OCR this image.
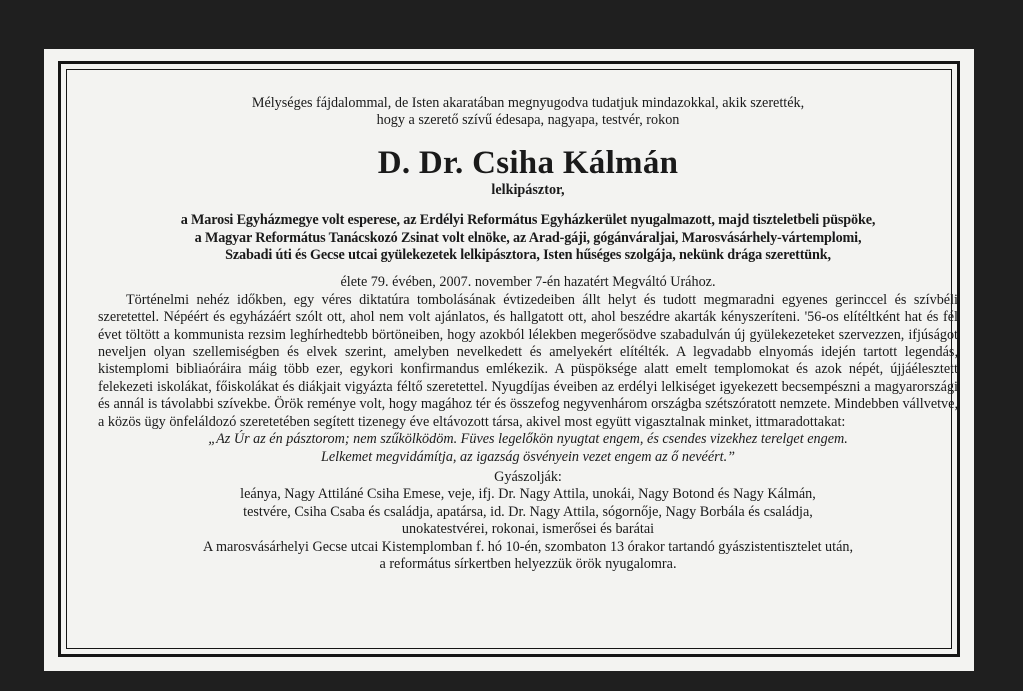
Mélységes fájdalommal, de Isten akaratában megnyugodva tudatjuk mindazokkal, akik szerették,

hogy a szerető szívű édesapa, nagyapa, testvér, rokon

D. Dr. Csiha Kálmán

lelkipásztor,

a Marosi Egyházmegye volt esperese, az Erdélyi Református Egyházkerület nyugalmazott, majd tiszteletbeli püspöke,

a Magyar Református Tanácskozó Zsinat volt elnöke, az Arad-gáji, gógánváraljai, Marosvásárhely-vártemplomi,

Szabadi úti és Gecse utcai gyülekezetek lelkipásztora, Isten hűséges szolgája, nekünk drága szerettünk,

élete 79. évében, 2007. november 7-én hazatért Megváltó Urához.

Történelmi nehéz időkben, egy véres diktatúra tombolásának évtizedeiben állt helyt és tudott megmaradni egyenes gerinccel és szívbéli szeretettel. Népéért és egyházáért szólt ott, ahol nem volt ajánlatos, és hallgatott ott, ahol beszédre akarták kényszeríteni. '56-os elítéltként hat és fél évet töltött a kommunista rezsim leghírhedtebb börtöneiben, hogy azokból lélekben megerősödve szabadulván új gyülekezeteket szervezzen, ifjúságot neveljen olyan szellemiségben és elvek szerint, amelyben nevelkedett és amelyekért elítélték. A legvadabb elnyomás idején tartott legendás, kistemplomi bibliaóráira máig több ezer, egykori konfirmandus emlékezik. A püspöksége alatt emelt templomokat és azok népét, újjáélesztett felekezeti iskolákat, főiskolákat és diákjait vigyázta féltő szeretettel. Nyugdíjas éveiben az erdélyi lelkiséget igyekezett becsempészni a magyarországi és annál is távolabbi szívekbe. Örök reménye volt, hogy magához tér és összefog negyvenhárom országba szétszóratott nemzete. Mindebben vállvetve, a közös ügy önfeláldozó szeretetében segített tizenegy éve eltávozott társa, akivel most együtt vigasztalnak minket, ittmaradottakat:

„Az Úr az én pásztorom; nem szűkölködöm. Füves legelőkön nyugtat engem, és csendes vizekhez terelget engem.

Lelkemet megvidámítja, az igazság ösvényein vezet engem az ő nevéért.”

Gyászolják:

leánya, Nagy Attiláné Csiha Emese, veje, ifj. Dr. Nagy Attila, unokái, Nagy Botond és Nagy Kálmán,

testvére, Csiha Csaba és családja, apatársa, id. Dr. Nagy Attila, sógornője, Nagy Borbála és családja,

unokatestvérei, rokonai, ismerősei és barátai

A marosvásárhelyi Gecse utcai Kistemplomban f. hó 10-én, szombaton 13 órakor tartandó gyászistentisztelet után,

a református sírkertben helyezzük örök nyugalomra.
